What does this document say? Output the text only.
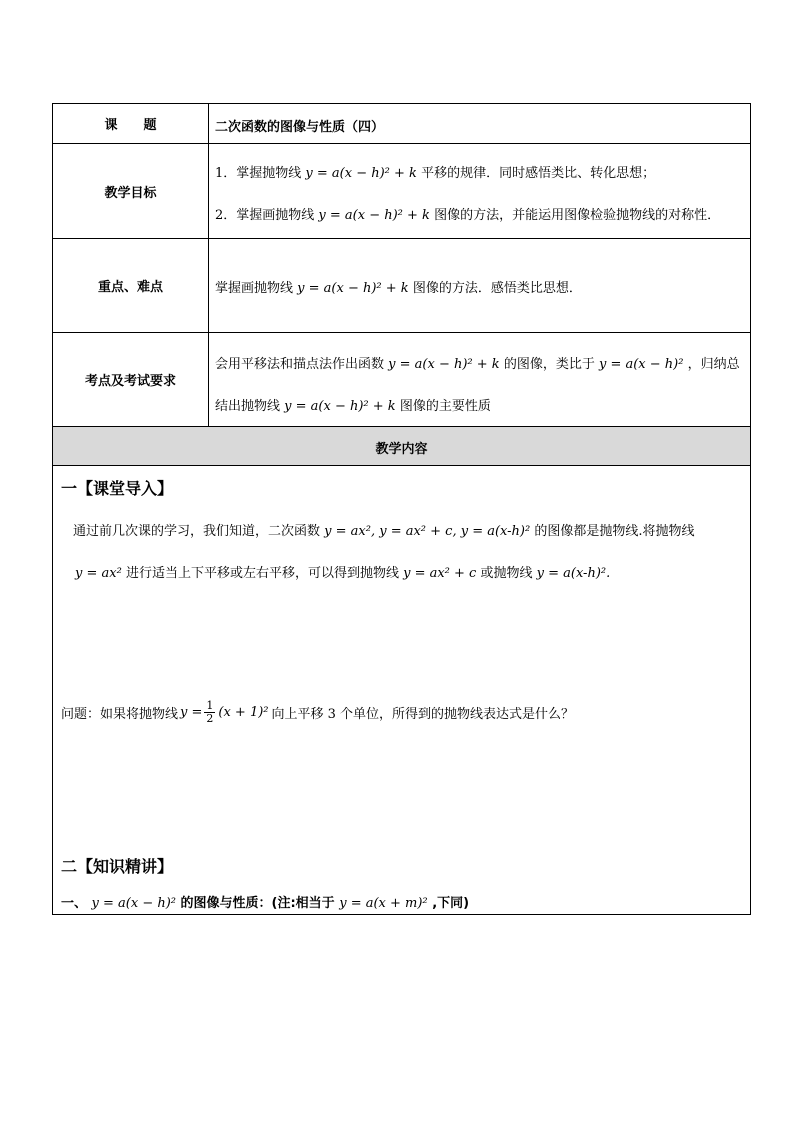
课　　题	二次函数的图像与性质（四）
教学目标
1．掌握抛物线 y = a(x − h)² + k 平移的规律．同时感悟类比、转化思想；
2．掌握画抛物线 y = a(x − h)² + k 图像的方法，并能运用图像检验抛物线的对称性．
重点、难点	掌握画抛物线 y = a(x − h)² + k 图像的方法．感悟类比思想．
考点及考试要求
会用平移法和描点法作出函数 y = a(x − h)² + k 的图像，类比于 y = a(x − h)² ，归纳总
结出抛物线 y = a(x − h)² + k 图像的主要性质
教学内容
一【课堂导入】
通过前几次课的学习，我们知道，二次函数 y = ax², y = ax² + c, y = a(x-h)² 的图像都是抛物线.将抛物线
y = ax² 进行适当上下平移或左右平移，可以得到抛物线 y = ax² + c 或抛物线 y = a(x-h)².
问题：如果将抛物线 $y = \frac{1}{2} (x + 1)^2$ 向上平移 3 个单位，所得到的抛物线表达式是什么？
二【知识精讲】
一、 y = a(x − h)² 的图像与性质：(注:相当于 y = a(x + m)² ,下同)
